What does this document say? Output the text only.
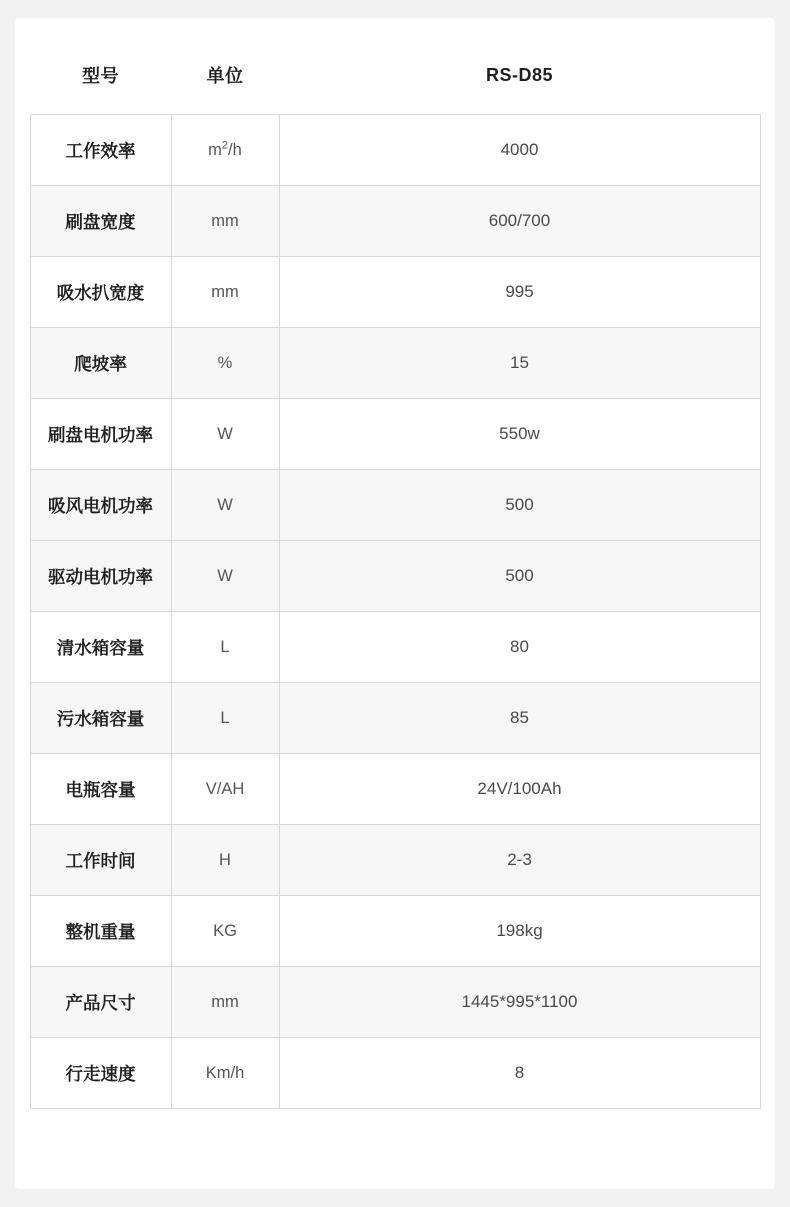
型号	单位	RS-D85
工作效率	$m^2/h$	4000
刷盘宽度	mm	600/700
吸水扒宽度	mm	995
爬坡率	%	15
刷盘电机功率	W	550w
吸风电机功率	W	500
驱动电机功率	W	500
清水箱容量	L	80
污水箱容量	L	85
电瓶容量	V/AH	24V/100Ah
工作时间	H	2-3
整机重量	KG	198kg
产品尺寸	mm	1445*995*1100
行走速度	Km/h	8
